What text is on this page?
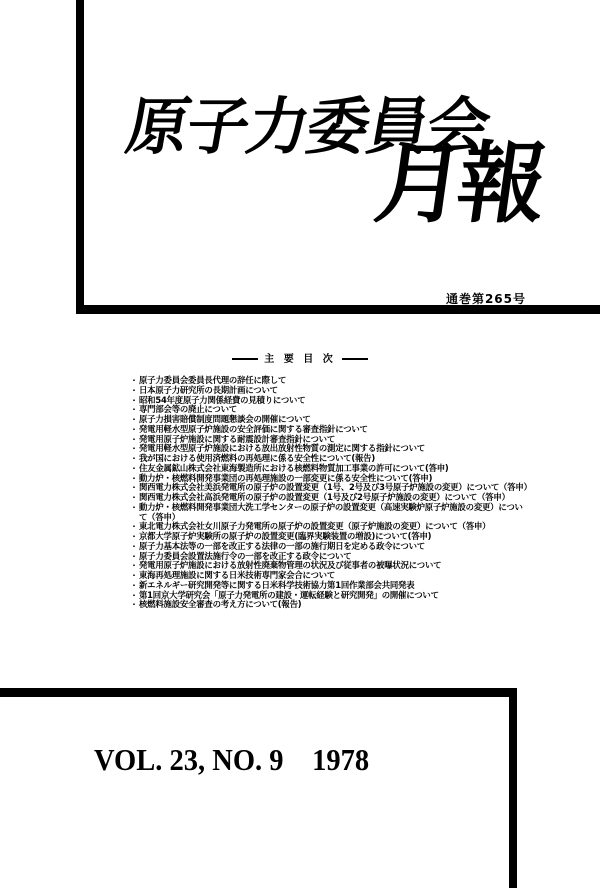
原子力委員会
月報
通巻第265号
主 要 目 次
・ 原子力委員会委員長代理の辞任に際して
・ 日本原子力研究所の長期計画について
・ 昭和54年度原子力関係経費の見積りについて
・ 専門部会等の廃止について
・ 原子力損害賠償制度問題懇談会の開催について
・ 発電用軽水型原子炉施設の安全評価に関する審査指針について
・ 発電用原子炉施設に関する耐震設計審査指針について
・ 発電用軽水型原子炉施設における放出放射性物質の測定に関する指針について
・ 我が国における使用済燃料の再処理に係る安全性について(報告)
・ 住友金属鉱山株式会社東海製造所における核燃料物質加工事業の許可について(答申)
・ 動力炉・核燃料開発事業団の再処理施設の一部変更に係る安全性について(答申)
・ 関西電力株式会社美浜発電所の原子炉の設置変更（1号、2号及び3号原子炉施設の変更）について（答申）
・ 関西電力株式会社高浜発電所の原子炉の設置変更（1号及び2号原子炉施設の変更）について（答申）
・ 動力炉・核燃料開発事業団大洗工学センターの原子炉の設置変更（高速実験炉原子炉施設の変更）について（答申）
・ 東北電力株式会社女川原子力発電所の原子炉の設置変更（原子炉施設の変更）について（答申）
・ 京都大学原子炉実験所の原子炉の設置変更(臨界実験装置の増設)について(答申)
・ 原子力基本法等の一部を改正する法律の一部の施行期日を定める政令について
・ 原子力委員会設置法施行令の一部を改正する政令について
・ 発電用原子炉施設における放射性廃棄物管理の状況及び従事者の被曝状況について
・ 東海再処理施設に関する日米技術専門家会合について
・ 新エネルギー研究開発等に関する日米科学技術協力第1回作業部会共同発表
・ 第1回京大学研究会「原子力発電所の建設・運転経験と研究開発」の開催について
・ 核燃料施設安全審査の考え方について(報告)
VOL. 23, NO. 9　1978
